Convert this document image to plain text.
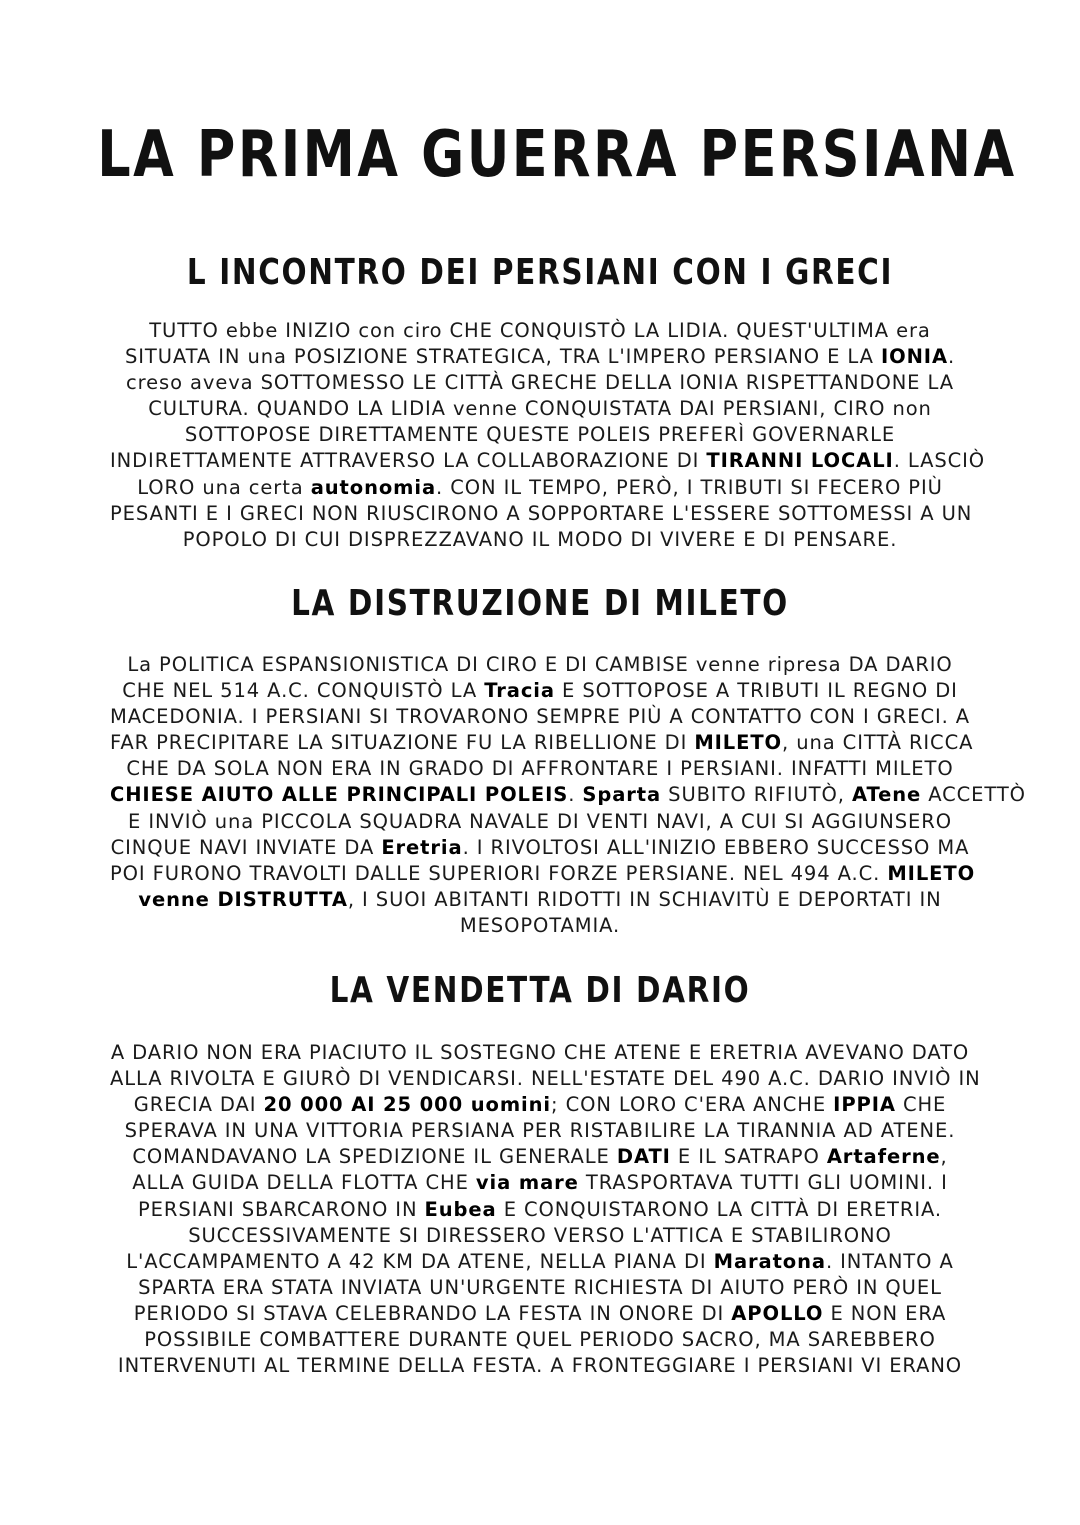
LA PRIMA GUERRA PERSIANA
L INCONTRO DEI PERSIANI CON I GRECI
TUTTO ebbe INIZIO con ciro CHE CONQUISTÒ LA LIDIA. QUEST'ULTIMA era
SITUATA IN una POSIZIONE STRATEGICA, TRA L'IMPERO PERSIANO E LA IONIA.
creso aveva SOTTOMESSO LE CITTÀ GRECHE DELLA IONIA RISPETTANDONE LA
CULTURA. QUANDO LA LIDIA venne CONQUISTATA DAI PERSIANI, CIRO non
SOTTOPOSE DIRETTAMENTE QUESTE POLEIS PREFERÌ GOVERNARLE
INDIRETTAMENTE ATTRAVERSO LA COLLABORAZIONE DI TIRANNI LOCALI. LASCIÒ
LORO una certa autonomia. CON IL TEMPO, PERÒ, I TRIBUTI SI FECERO PIÙ
PESANTI E I GRECI NON RIUSCIRONO A SOPPORTARE L'ESSERE SOTTOMESSI A UN
POPOLO DI CUI DISPREZZAVANO IL MODO DI VIVERE E DI PENSARE.
LA DISTRUZIONE DI MILETO
La POLITICA ESPANSIONISTICA DI CIRO E DI CAMBISE venne ripresa DA DARIO
CHE NEL 514 A.C. CONQUISTÒ LA Tracia E SOTTOPOSE A TRIBUTI IL REGNO DI
MACEDONIA. I PERSIANI SI TROVARONO SEMPRE PIÙ A CONTATTO CON I GRECI. A
FAR PRECIPITARE LA SITUAZIONE FU LA RIBELLIONE DI MILETO, una CITTÀ RICCA
CHE DA SOLA NON ERA IN GRADO DI AFFRONTARE I PERSIANI. INFATTI MILETO
CHIESE AIUTO ALLE PRINCIPALI POLEIS. Sparta SUBITO RIFIUTÒ, ATene ACCETTÒ
E INVIÒ una PICCOLA SQUADRA NAVALE DI VENTI NAVI, A CUI SI AGGIUNSERO
CINQUE NAVI INVIATE DA Eretria. I RIVOLTOSI ALL'INIZIO EBBERO SUCCESSO MA
POI FURONO TRAVOLTI DALLE SUPERIORI FORZE PERSIANE. NEL 494 A.C. MILETO
venne DISTRUTTA, I SUOI ABITANTI RIDOTTI IN SCHIAVITÙ E DEPORTATI IN
MESOPOTAMIA.
LA VENDETTA DI DARIO
A DARIO NON ERA PIACIUTO IL SOSTEGNO CHE ATENE E ERETRIA AVEVANO DATO
ALLA RIVOLTA E GIURÒ DI VENDICARSI. NELL'ESTATE DEL 490 A.C. DARIO INVIÒ IN
GRECIA DAI 20 000 AI 25 000 uomini; CON LORO C'ERA ANCHE IPPIA CHE
SPERAVA IN UNA VITTORIA PERSIANA PER RISTABILIRE LA TIRANNIA AD ATENE.
COMANDAVANO LA SPEDIZIONE IL GENERALE DATI E IL SATRAPO Artaferne,
ALLA GUIDA DELLA FLOTTA CHE via mare TRASPORTAVA TUTTI GLI UOMINI. I
PERSIANI SBARCARONO IN Eubea E CONQUISTARONO LA CITTÀ DI ERETRIA.
SUCCESSIVAMENTE SI DIRESSERO VERSO L'ATTICA E STABILIRONO
L'ACCAMPAMENTO A 42 KM DA ATENE, NELLA PIANA DI Maratona. INTANTO A
SPARTA ERA STATA INVIATA UN'URGENTE RICHIESTA DI AIUTO PERÒ IN QUEL
PERIODO SI STAVA CELEBRANDO LA FESTA IN ONORE DI APOLLO E NON ERA
POSSIBILE COMBATTERE DURANTE QUEL PERIODO SACRO, MA SAREBBERO
INTERVENUTI AL TERMINE DELLA FESTA. A FRONTEGGIARE I PERSIANI VI ERANO
